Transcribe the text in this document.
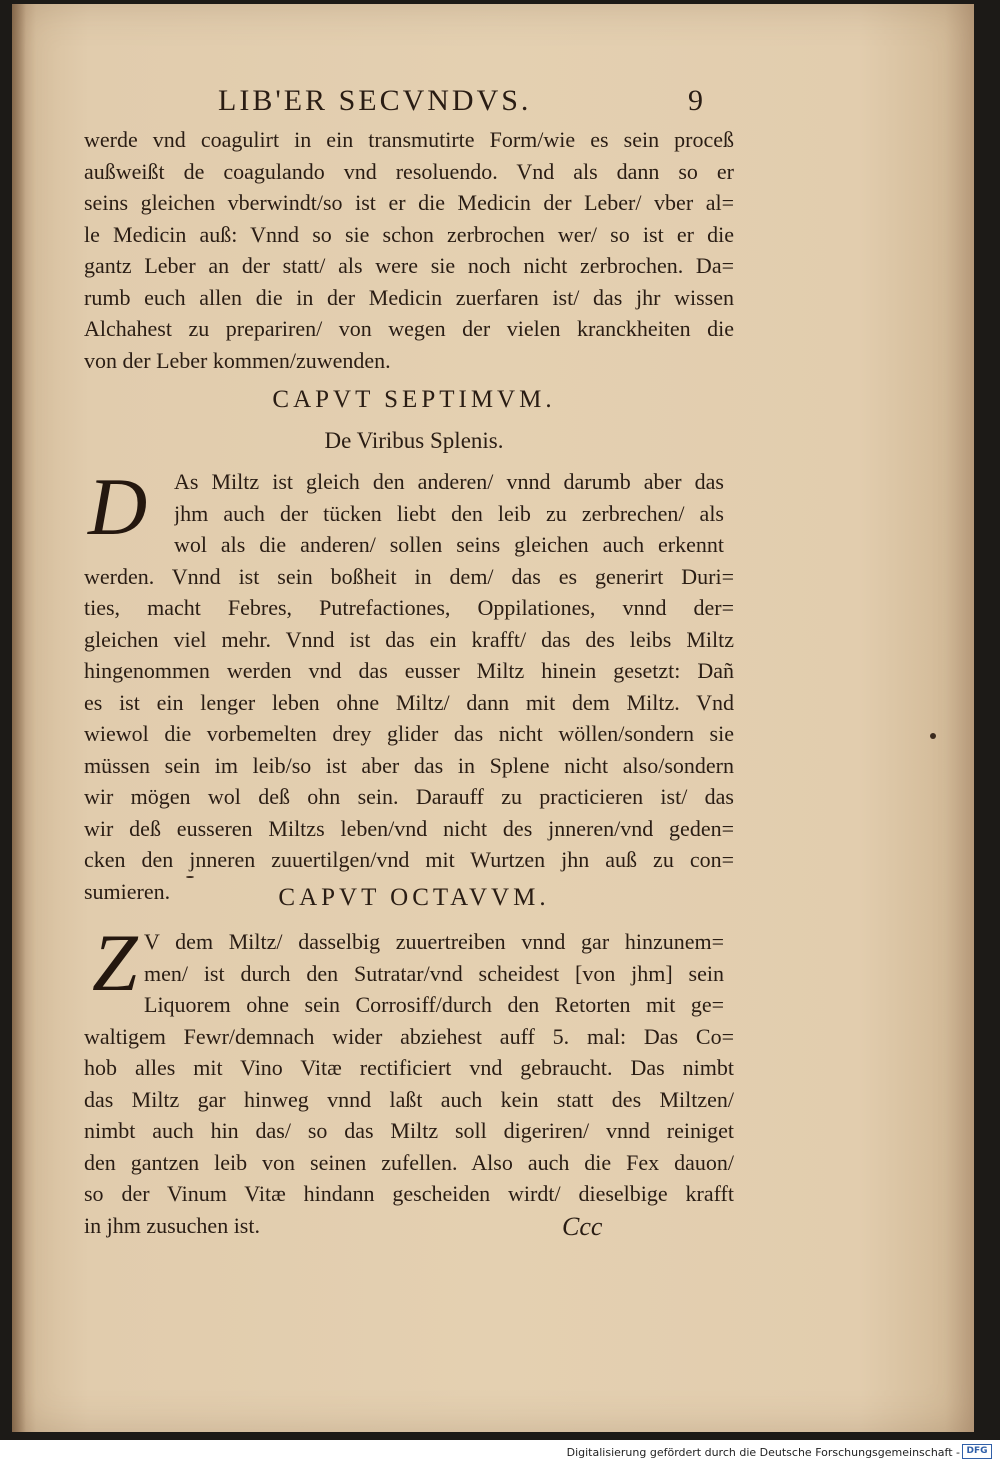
LIB'ER SECVNDVS.	9
werde vnd coagulirt in ein transmutirte Form/wie es sein proceß
außweißt de coagulando vnd resoluendo. Vnd als dann so er
seins gleichen vberwindt/so ist er die Medicin der Leber/ vber al=
le Medicin auß: Vnnd so sie schon zerbrochen wer/ so ist er die
gantz Leber an der statt/ als were sie noch nicht zerbrochen. Da=
rumb euch allen die in der Medicin zuerfaren ist/ das jhr wissen
Alchahest zu prepariren/ von wegen der vielen kranckheiten die
von der Leber kommen/zuwenden.
CAPVT SEPTIMVM.
De Viribus Splenis.
D As Miltz ist gleich den anderen/ vnnd darumb aber das
jhm auch der tücken liebt den leib zu zerbrechen/ als
wol als die anderen/ sollen seins gleichen auch erkennt
werden. Vnnd ist sein boßheit in dem/ das es generirt Duri=
ties, macht Febres, Putrefactiones, Oppilationes, vnnd der=
gleichen viel mehr. Vnnd ist das ein krafft/ das des leibs Miltz
hingenommen werden vnd das eusser Miltz hinein gesetzt: Dañ
es ist ein lenger leben ohne Miltz/ dann mit dem Miltz. Vnd
wiewol die vorbemelten drey glider das nicht wöllen/sondern sie
müssen sein im leib/so ist aber das in Splene nicht also/sondern
wir mögen wol deß ohn sein. Darauff zu practicieren ist/ das
wir deß eusseren Miltzs leben/vnd nicht des jnneren/vnd geden=
cken den jnneren zuuertilgen/vnd mit Wurtzen jhn auß zu con=
sumieren.	CAPVT OCTAVVM.
Z V dem Miltz/ dasselbig zuuertreiben vnnd gar hinzunem=
men/ ist durch den Sutratar/vnd scheidest [von jhm] sein
Liquorem ohne sein Corrosiff/durch den Retorten mit ge=
waltigem Fewr/demnach wider abziehest auff 5. mal: Das Co=
hob alles mit Vino Vitæ rectificiert vnd gebraucht. Das nimbt
das Miltz gar hinweg vnnd laßt auch kein statt des Miltzen/
nimbt auch hin das/ so das Miltz soll digeriren/ vnnd reiniget
den gantzen leib von seinen zufellen. Also auch die Fex dauon/
so der Vinum Vitæ hindann gescheiden wirdt/ dieselbige krafft
in jhm zusuchen ist.	Ccc
Digitalisierung gefördert durch die Deutsche Forschungsgemeinschaft - DFG
